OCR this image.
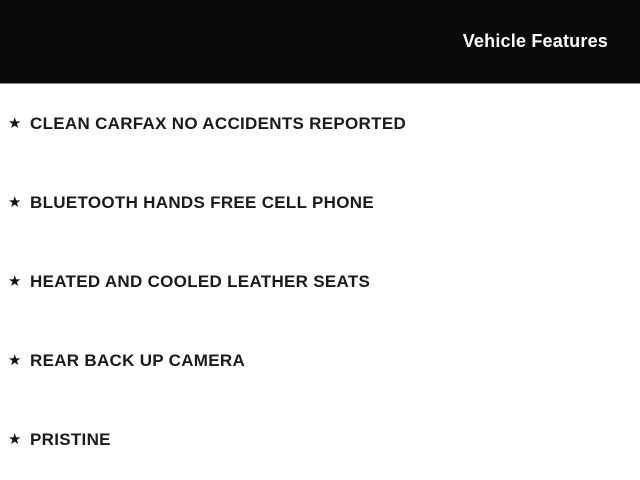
Vehicle Features
★ CLEAN CARFAX NO ACCIDENTS REPORTED
★ BLUETOOTH HANDS FREE CELL PHONE
★ HEATED AND COOLED LEATHER SEATS
★ REAR BACK UP CAMERA
★ PRISTINE
